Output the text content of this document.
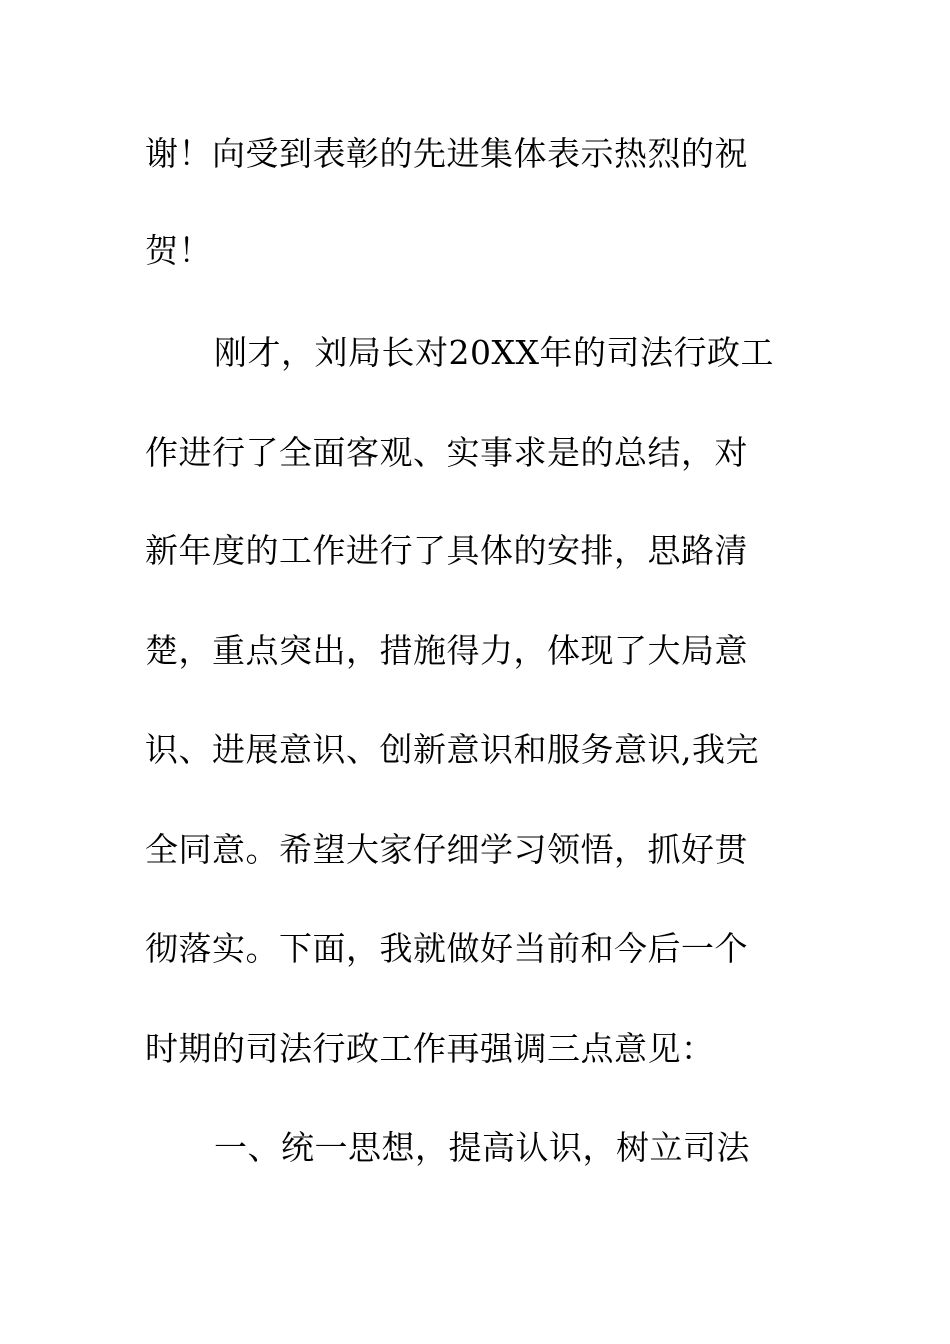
谢！向受到表彰的先进集体表示热烈的祝
贺！
刚才，刘局长对20XX年的司法行政工
作进行了全面客观、实事求是的总结，对
新年度的工作进行了具体的安排，思路清
楚，重点突出，措施得力，体现了大局意
识、进展意识、创新意识和服务意识,我完
全同意。希望大家仔细学习领悟，抓好贯
彻落实。下面，我就做好当前和今后一个
时期的司法行政工作再强调三点意见：
一、统一思想，提高认识，树立司法
